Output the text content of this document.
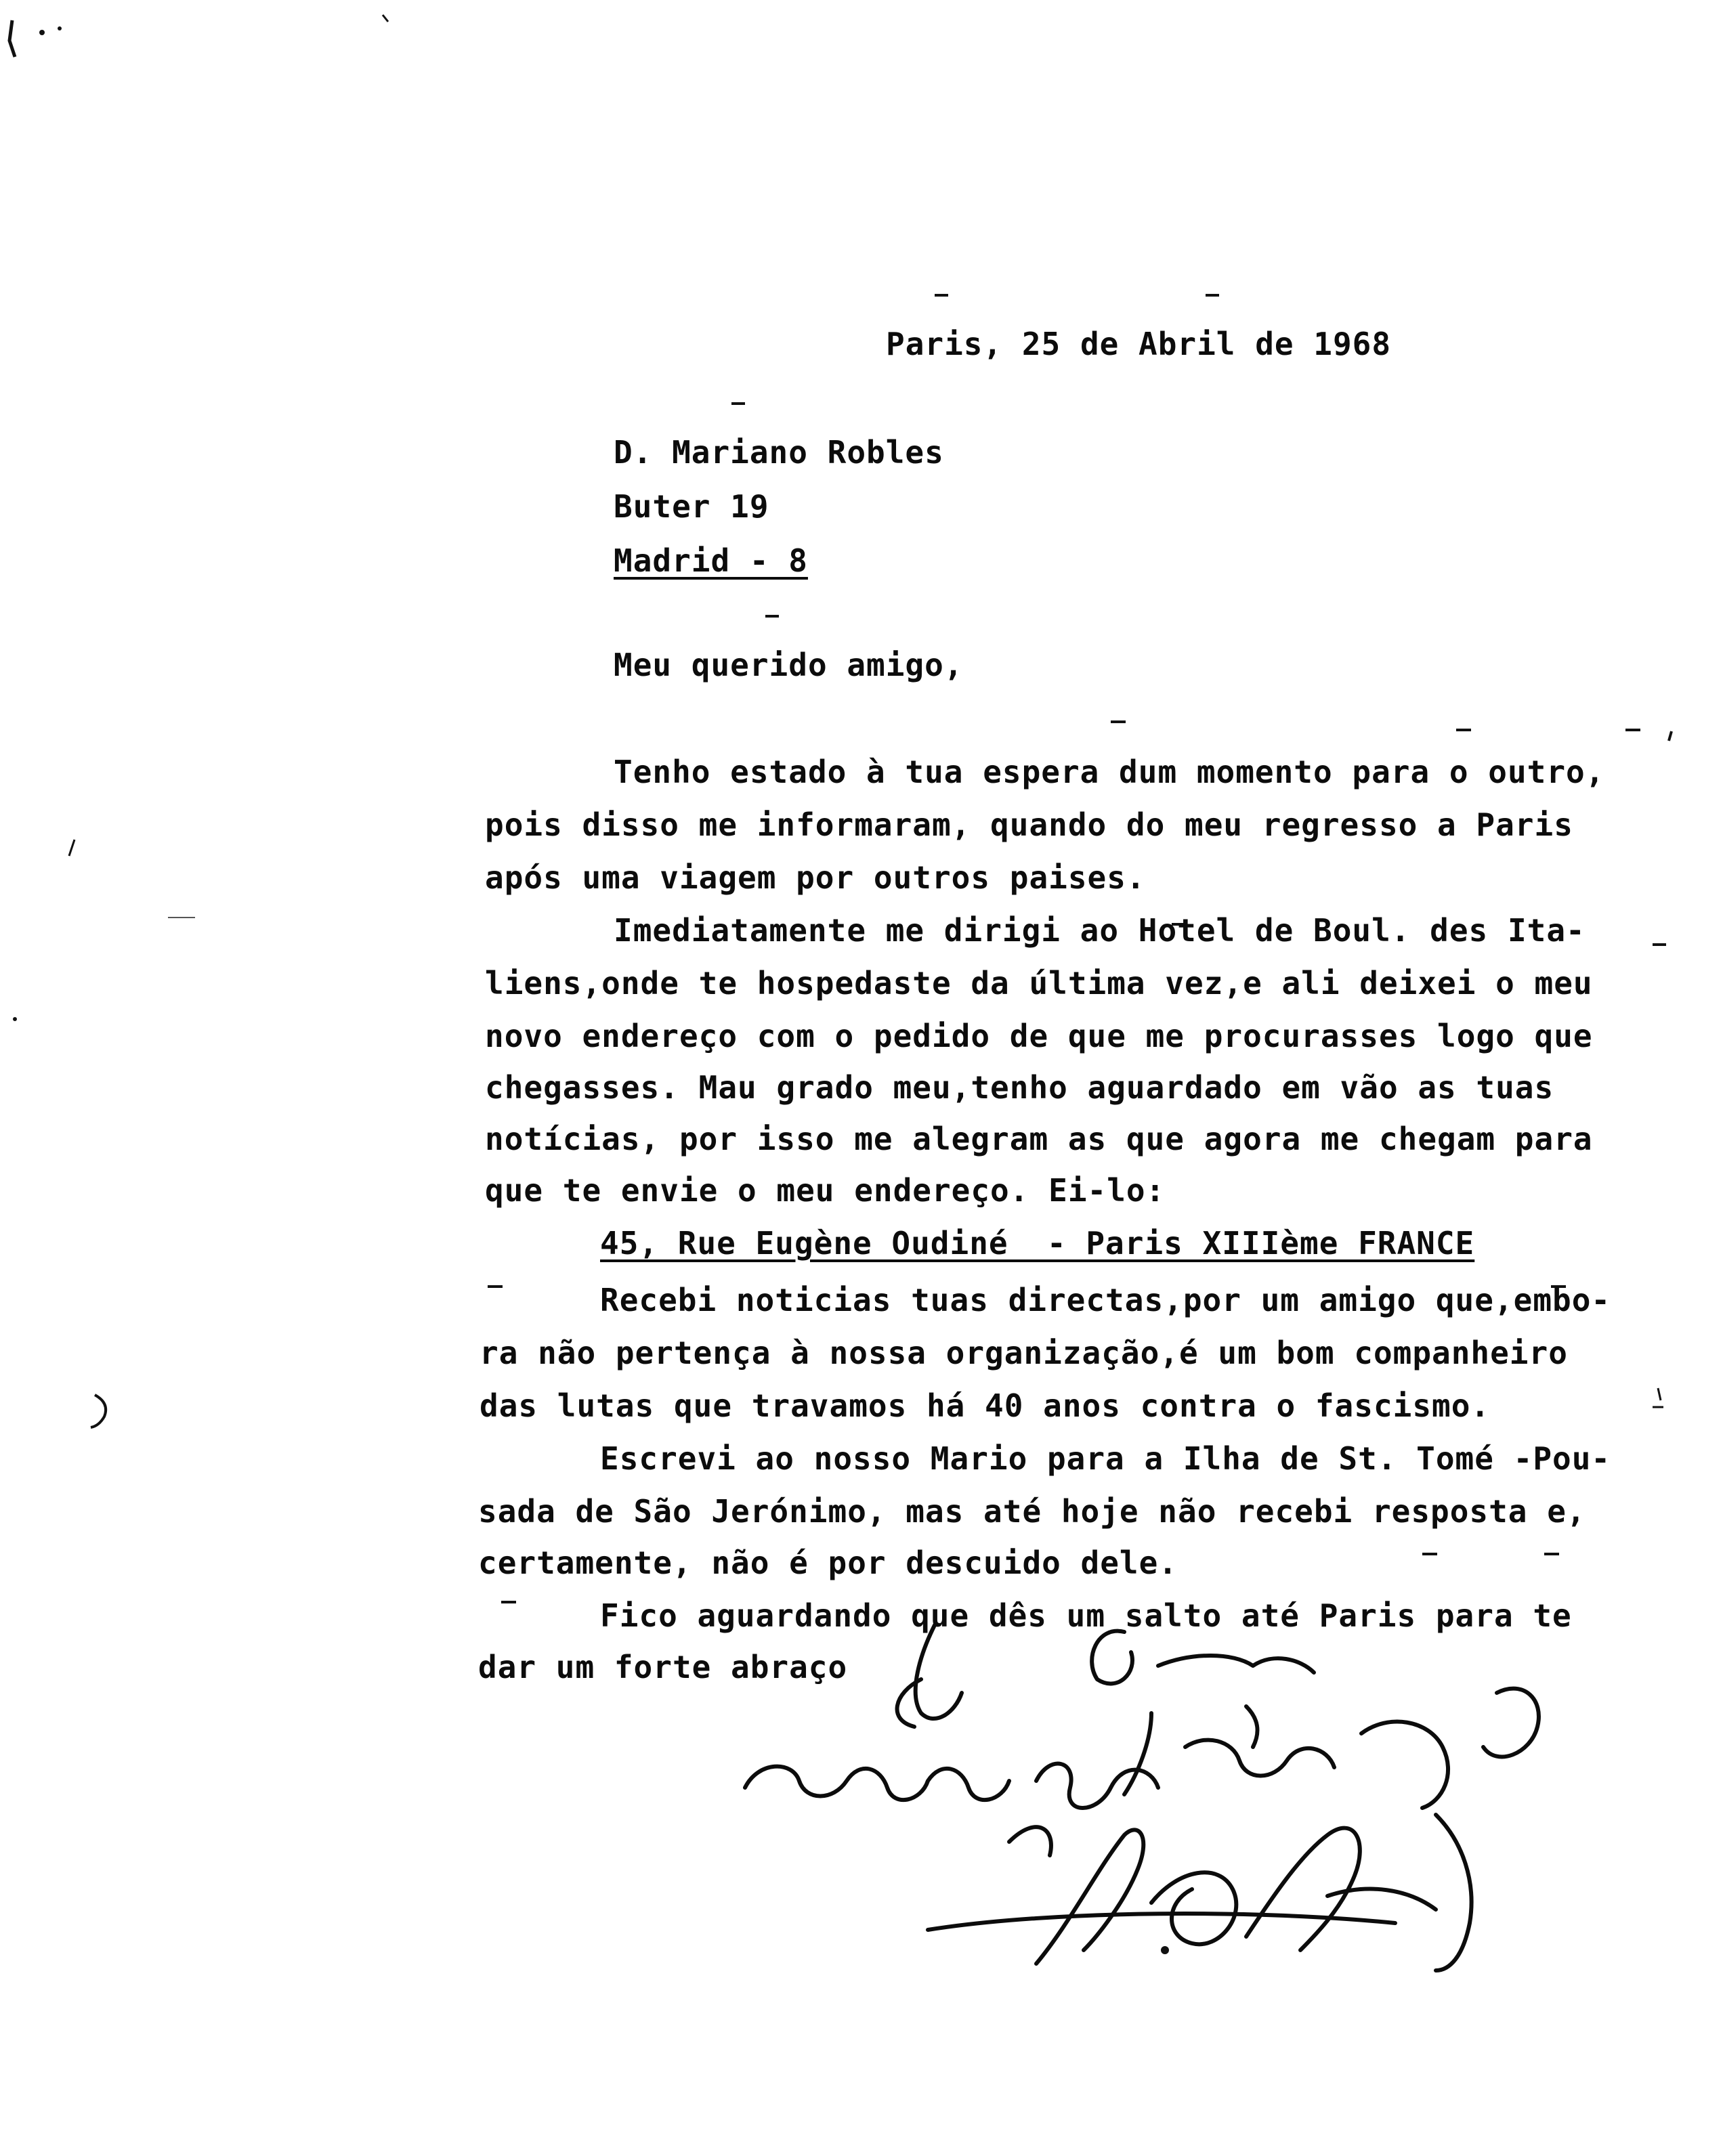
Paris, 25 de Abril de 1968
D. Mariano Robles
Buter 19
Madrid - 8
Meu querido amigo,
Tenho estado à tua espera dum momento para o outro,
pois disso me informaram, quando do meu regresso a Paris
após uma viagem por outros paises.
Imediatamente me dirigi ao Hotel de Boul. des Ita-
liens,onde te hospedaste da última vez,e ali deixei o meu
novo endereço com o pedido de que me procurasses logo que
chegasses. Mau grado meu,tenho aguardado em vão as tuas
notícias, por isso me alegram as que agora me chegam para
que te envie o meu endereço. Ei-lo:
45, Rue Eugène Oudiné  - Paris XIIIème FRANCE
Recebi noticias tuas directas,por um amigo que,embo-
ra não pertença à nossa organização,é um bom companheiro
das lutas que travamos há 40 anos contra o fascismo.
Escrevi ao nosso Mario para a Ilha de St. Tomé -Pou-
sada de São Jerónimo, mas até hoje não recebi resposta e,
certamente, não é por descuido dele.
Fico aguardando que dês um salto até Paris para te
dar um forte abraço
